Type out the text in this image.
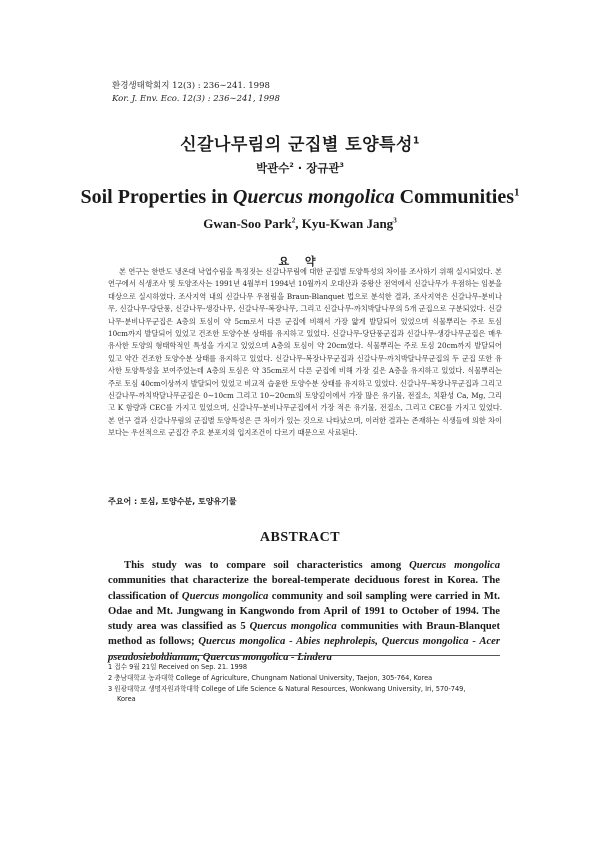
환경생태학회지 12(3) : 236∼241. 1998
Kor. J. Env. Eco. 12(3) : 236∼241, 1998
신갈나무림의 군집별 토양특성$^1$
박관수$^2$ · 장규관$^3$
Soil Properties in Quercus mongolica Communities$^1$
Gwan-Soo Park$^2$, Kyu-Kwan Jang$^3$
요 약

본 연구는 한반도 냉온대 낙엽수림을 특징짓는 신갈나무림에 대한 군집별 토양특성의 차이를 조사하기 위해 실시되었다. 본 연구에서 식생조사 및 토양조사는 1991년 4월부터 1994년 10월까지 오대산과 중왕산 전역에서 신갈나무가 우점하는 임분을 대상으로 실시하였다. 조사지역 내의 신갈나무 우점림을 Braun-Blanquet 법으로 분석한 결과, 조사지역은 신갈나무-분비나무, 신갈나무-당단풍, 신갈나무-생강나무, 신갈나무-복장나무, 그리고 신갈나무-까치박달나무의 5개 군집으로 구분되었다. 신갈나무-분비나무군집은 A층의 토심이 약 5cm로서 다른 군집에 비해서 가장 얇게 발달되어 있었으며 식물뿌리는 주로 토심 10cm까지 발달되어 있었고 건조한 토양수분 상태를 유지하고 있었다. 신갈나무-당단풍군집과 신갈나무-생강나무군집은 매우 유사한 토양의 형태학적인 특성을 가지고 있었으며 A층의 토심이 약 20cm였다. 식물뿌리는 주로 토심 20cm까지 발달되어 있고 약간 건조한 토양수분 상태를 유지하고 있었다. 신갈나무-복장나무군집과 신갈나무-까치박달나무군집의 두 군집 또한 유사한 토양특성을 보여주었는데 A층의 토심은 약 35cm로서 다른 군집에 비해 가장 깊은 A층을 유지하고 있었다. 식물뿌리는 주로 토심 40cm이상까지 발달되어 있었고 비교적 습윤한 토양수분 상태를 유지하고 있었다. 신갈나무-복장나무군집과 그리고 신갈나무-까치박달나무군집은 0∼10cm 그리고 10∼20cm의 토양깊이에서 가장 많은 유기물, 전질소, 치환성 Ca, Mg, 그리고 K 함량과 CEC를 가지고 있었으며, 신갈나무-분비나무군집에서 가장 적은 유기물, 전질소, 그리고 CEC를 가지고 있었다. 본 연구 결과 신갈나무림의 군집별 토양특성은 큰 차이가 있는 것으로 나타났으며, 이러한 결과는 존재하는 식생들에 의한 차이보다는 우선적으로 군집간 주요 분포지의 입지조건이 다르기 때문으로 사료된다.

주요어 : 토심, 토양수분, 토양유기물
ABSTRACT

This study was to compare soil characteristics among Quercus mongolica communities that characterize the boreal-temperate deciduous forest in Korea. The classification of Quercus mongolica community and soil sampling were carried in Mt. Odae and Mt. Jungwang in Kangwondo from April of 1991 to October of 1994. The study area was classified as 5 Quercus mongolica communities with Braun-Blanquet method as follows; Quercus mongolica - Abies nephrolepis, Quercus mongolica - Acer pseudosieboldianum, Quercus mongolica - Lindera

1 접수 9월 21일 Received on Sep. 21. 1998
2 충남대학교 농과대학 College of Agriculture, Chungnam National University, Taejon, 305-764, Korea
3 원광대학교 생명자원과학대학 College of Life Science & Natural Resources, Wonkwang University, Iri, 570-749,
Korea
